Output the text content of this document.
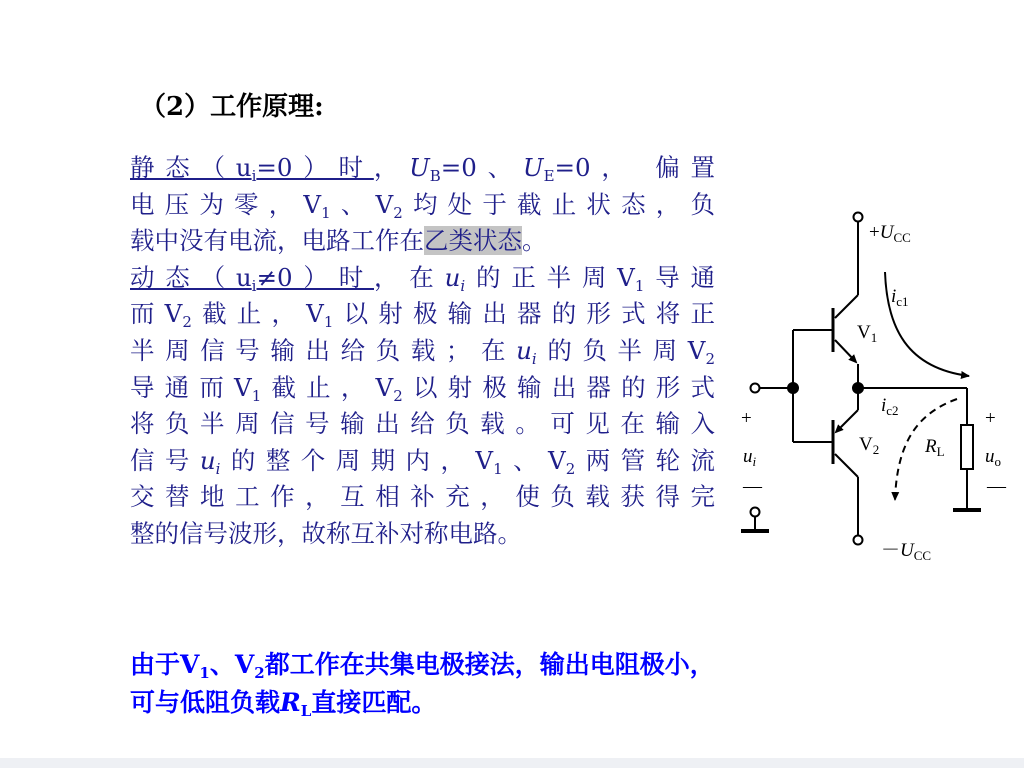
（2）工作原理:
静态$(u_i=0)$时，$U_B=0$、$U_E=0$， 偏置
电压为零，$V_1$、$V_2$均处于截止状态，负
载中没有电流，电路工作在乙类状态。
动态$(u_i\ne 0)$时，在$u_i$的正半周$V_1$导通
而$V_2$截止，$V_1$以射极输出器的形式将正
半周信号输出给负载；在$u_i$的负半周$V_2$
导通而$V_1$截止，$V_2$以射极输出器的形式
将负半周信号输出给负载。可见在输入
信号$u_i$的整个周期内，$V_1$、$V_2$两管轮流
交替地工作，互相补充，使负载获得完
整的信号波形，故称互补对称电路。
由于$V_1$、$V_2$都工作在共集电极接法，输出电阻极小，
可与低阻负载$R_L$直接匹配。
$+U_{CC}$
$-U_{CC}$
$i_{c1}$
$i_{c2}$
$V_1$
$V_2$ $R_L$
+
$u_i$
—
+
$u_o$
—
